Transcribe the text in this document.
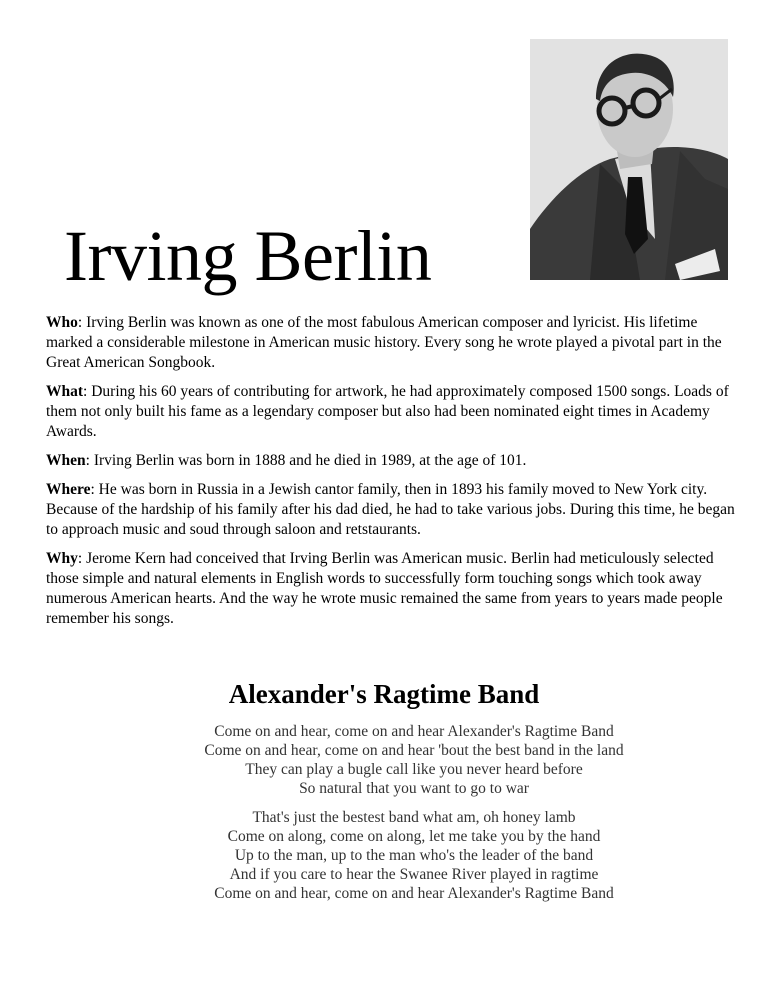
Irving Berlin

Who: Irving Berlin was known as one of the most fabulous American composer and lyricist. His lifetime marked a considerable milestone in American music history. Every song he wrote played a pivotal part in the Great American Songbook.

What: During his 60 years of contributing for artwork, he had approximately composed 1500 songs. Loads of them not only built his fame as a legendary composer but also had been nominated eight times in Academy Awards.

When: Irving Berlin was born in 1888 and he died in 1989, at the age of 101.

Where: He was born in Russia in a Jewish cantor family, then in 1893 his family moved to New York city. Because of the hardship of his family after his dad died, he had to take various jobs. During this time, he began to approach music and soud through saloon and retstaurants.

Why: Jerome Kern had conceived that Irving Berlin was American music. Berlin had meticulously selected those simple and natural elements in English words to successfully form touching songs which took away numerous American hearts. And the way he wrote music remained the same from years to years made people remember his songs.

Alexander's Ragtime Band
Come on and hear, come on and hear Alexander's Ragtime Band
Come on and hear, come on and hear 'bout the best band in the land
They can play a bugle call like you never heard before
So natural that you want to go to war
That's just the bestest band what am, oh honey lamb
Come on along, come on along, let me take you by the hand
Up to the man, up to the man who's the leader of the band
And if you care to hear the Swanee River played in ragtime
Come on and hear, come on and hear Alexander's Ragtime Band
